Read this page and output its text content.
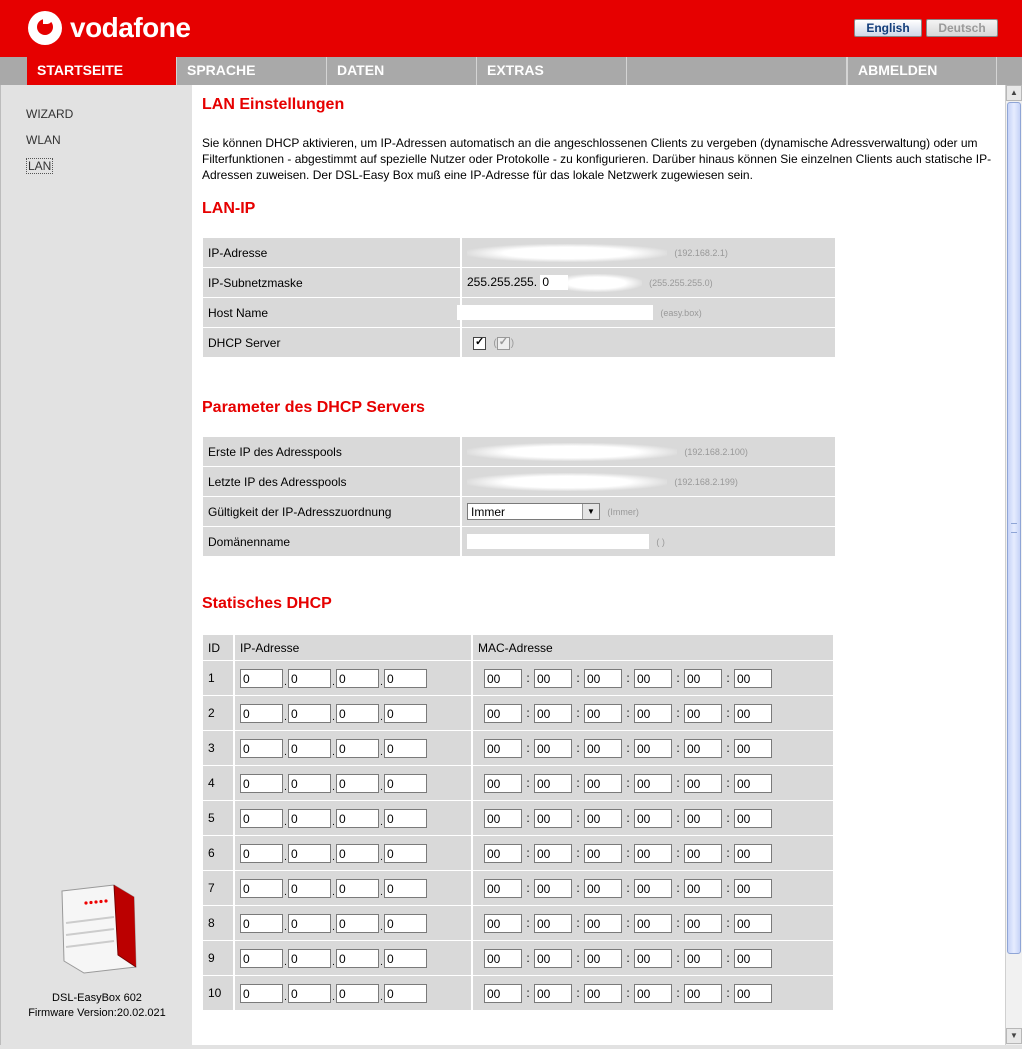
vodafone	English	Deutsch
STARTSEITE	SPRACHE	DATEN	EXTRAS	ABMELDEN
WIZARD
WLAN
LAN
DSL-EasyBox 602
Firmware Version:20.02.021
LAN Einstellungen
Sie können DHCP aktivieren, um IP-Adressen automatisch an die angeschlossenen Clients zu vergeben (dynamische Adressverwaltung) oder um Filterfunktionen - abgestimmt auf spezielle Nutzer oder Protokolle - zu konfigurieren. Darüber hinaus können Sie einzelnen Clients auch statische IP-Adressen zuweisen. Der DSL-Easy Box muß eine IP-Adresse für das lokale Netzwerk zugewiesen sein.
LAN-IP
IP-Adresse	(192.168.2.1)
IP-Subnetzmaske	255.255.255. 0 (255.255.255.0)
Host Name	(easy.box)
DHCP Server	✓ ( ✓ )
Parameter des DHCP Servers
Erste IP des Adresspools	(192.168.2.100)
Letzte IP des Adresspools	(192.168.2.199)
Gültigkeit der IP-Adresszuordnung	Immer ▼ (Immer)
Domänenname	( )
Statisches DHCP
ID	IP-Adresse	MAC-Adresse
1	0 . 0 . 0 . 0	00 : 00 : 00 : 00 : 00 : 00
2	0 . 0 . 0 . 0	00 : 00 : 00 : 00 : 00 : 00
3	0 . 0 . 0 . 0	00 : 00 : 00 : 00 : 00 : 00
4	0 . 0 . 0 . 0	00 : 00 : 00 : 00 : 00 : 00
5	0 . 0 . 0 . 0	00 : 00 : 00 : 00 : 00 : 00
6	0 . 0 . 0 . 0	00 : 00 : 00 : 00 : 00 : 00
7	0 . 0 . 0 . 0	00 : 00 : 00 : 00 : 00 : 00
8	0 . 0 . 0 . 0	00 : 00 : 00 : 00 : 00 : 00
9	0 . 0 . 0 . 0	00 : 00 : 00 : 00 : 00 : 00
10	0 . 0 . 0 . 0	00 : 00 : 00 : 00 : 00 : 00
▲
▼
